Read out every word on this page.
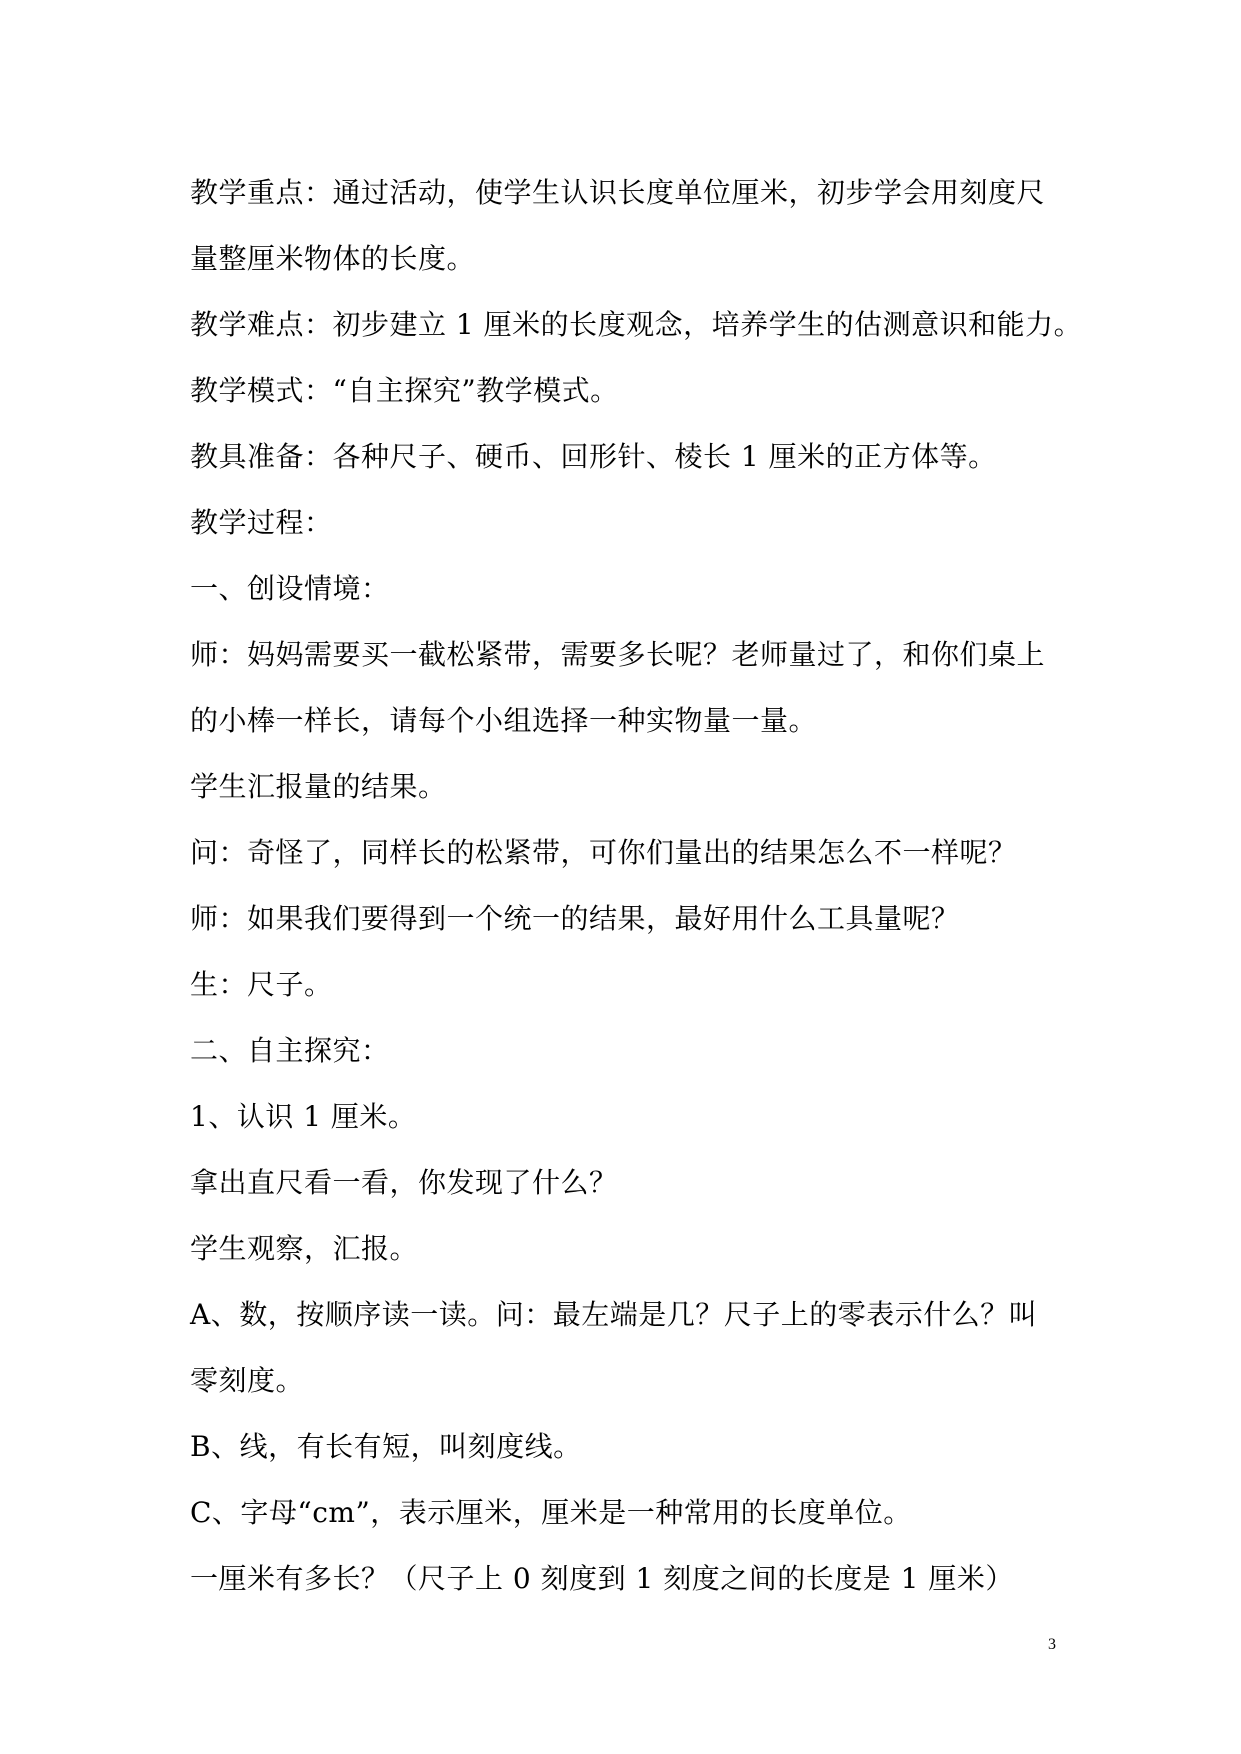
教学重点：通过活动，使学生认识长度单位厘米，初步学会用刻度尺
量整厘米物体的长度。
教学难点：初步建立 1 厘米的长度观念，培养学生的估测意识和能力。
教学模式：“自主探究”教学模式。
教具准备：各种尺子、硬币、回形针、棱长 1 厘米的正方体等。
教学过程：
一、创设情境：
师：妈妈需要买一截松紧带，需要多长呢？老师量过了，和你们桌上
的小棒一样长，请每个小组选择一种实物量一量。
学生汇报量的结果。
问：奇怪了，同样长的松紧带，可你们量出的结果怎么不一样呢？
师：如果我们要得到一个统一的结果，最好用什么工具量呢？
生：尺子。
二、自主探究：
1、认识 1 厘米。
拿出直尺看一看，你发现了什么？
学生观察，汇报。
A、数，按顺序读一读。问：最左端是几？尺子上的零表示什么？叫
零刻度。
B、线，有长有短，叫刻度线。
C、字母“cm”，表示厘米，厘米是一种常用的长度单位。
一厘米有多长？（尺子上 0 刻度到 1 刻度之间的长度是 1 厘米）
3
